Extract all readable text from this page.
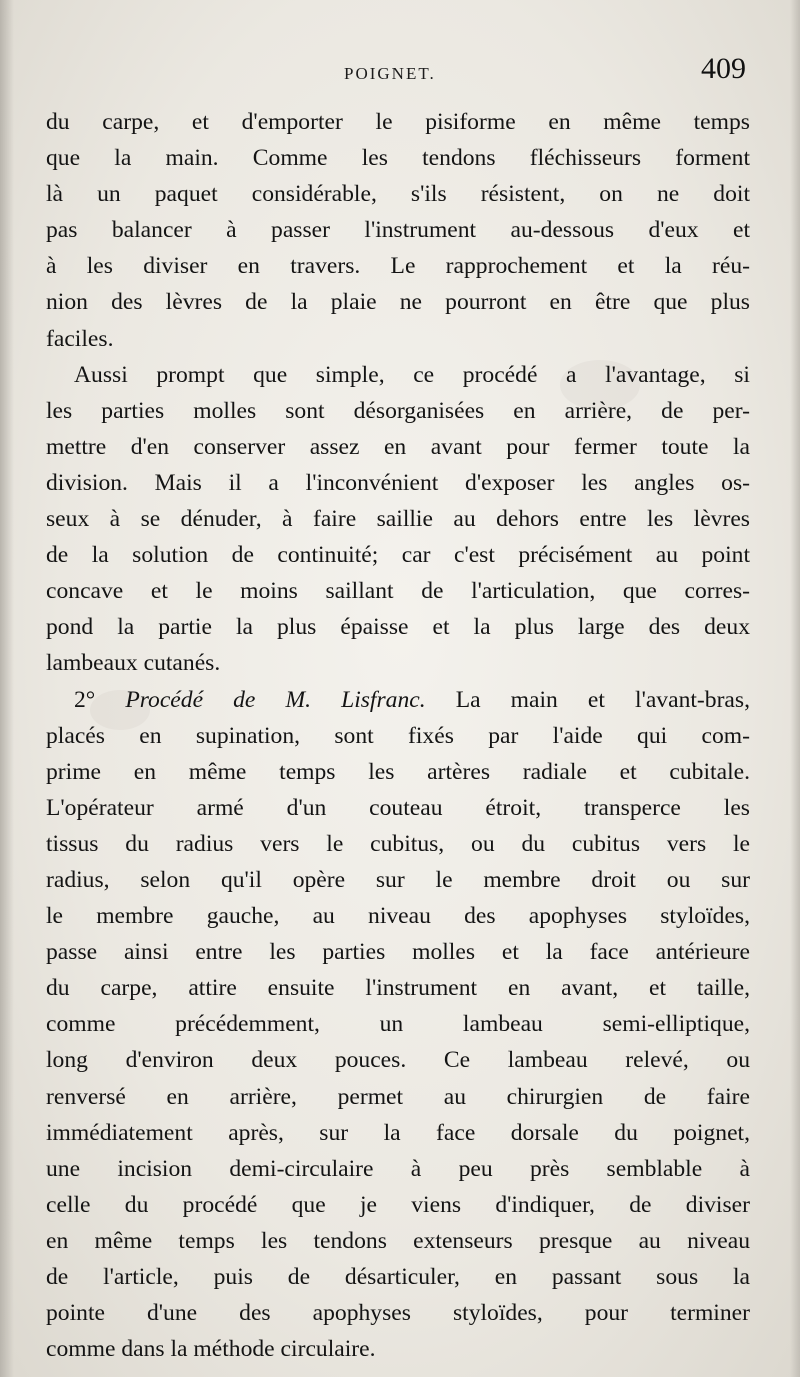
POIGNET.	409
du carpe, et d'emporter le pisiforme en même temps
que la main. Comme les tendons fléchisseurs forment
là un paquet considérable, s'ils résistent, on ne doit
pas balancer à passer l'instrument au-dessous d'eux et
à les diviser en travers. Le rapprochement et la réu-
nion des lèvres de la plaie ne pourront en être que plus
faciles.
Aussi prompt que simple, ce procédé a l'avantage, si
les parties molles sont désorganisées en arrière, de per-
mettre d'en conserver assez en avant pour fermer toute la
division. Mais il a l'inconvénient d'exposer les angles os-
seux à se dénuder, à faire saillie au dehors entre les lèvres
de la solution de continuité; car c'est précisément au point
concave et le moins saillant de l'articulation, que corres-
pond la partie la plus épaisse et la plus large des deux
lambeaux cutanés.
2° Procédé de M. Lisfranc. La main et l'avant-bras,
placés en supination, sont fixés par l'aide qui com-
prime en même temps les artères radiale et cubitale.
L'opérateur armé d'un couteau étroit, transperce les
tissus du radius vers le cubitus, ou du cubitus vers le
radius, selon qu'il opère sur le membre droit ou sur
le membre gauche, au niveau des apophyses styloïdes,
passe ainsi entre les parties molles et la face antérieure
du carpe, attire ensuite l'instrument en avant, et taille,
comme précédemment, un lambeau semi-elliptique,
long d'environ deux pouces. Ce lambeau relevé, ou
renversé en arrière, permet au chirurgien de faire
immédiatement après, sur la face dorsale du poignet,
une incision demi-circulaire à peu près semblable à
celle du procédé que je viens d'indiquer, de diviser
en même temps les tendons extenseurs presque au niveau
de l'article, puis de désarticuler, en passant sous la
pointe d'une des apophyses styloïdes, pour terminer
comme dans la méthode circulaire.
